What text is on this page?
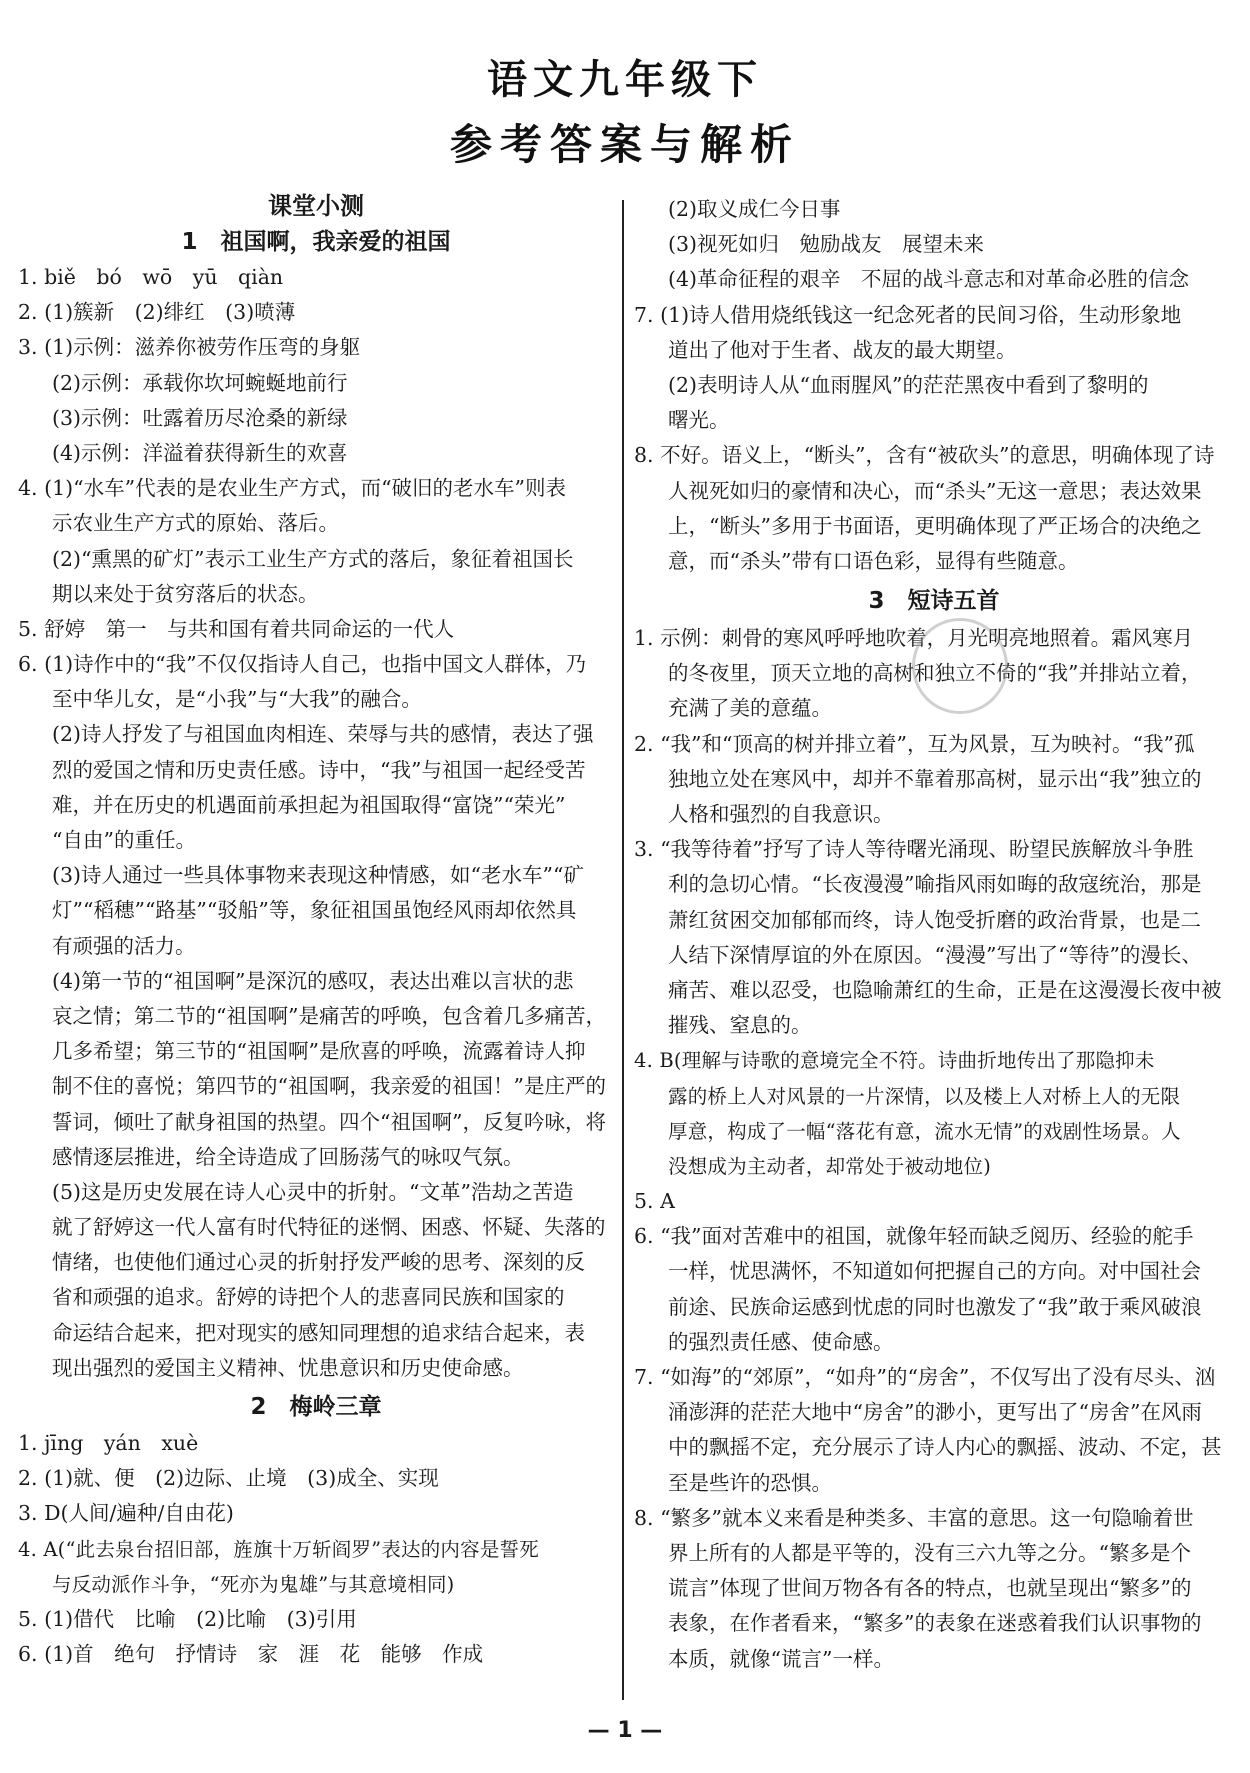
语文九年级下
参考答案与解析
课堂小测
1　祖国啊，我亲爱的祖国
1. biě　bó　wō　yū　qiàn
2. (1)簇新　(2)绯红　(3)喷薄
3. (1)示例：滋养你被劳作压弯的身躯
(2)示例：承载你坎坷蜿蜒地前行
(3)示例：吐露着历尽沧桑的新绿
(4)示例：洋溢着获得新生的欢喜
4. (1)“水车”代表的是农业生产方式，而“破旧的老水车”则表
示农业生产方式的原始、落后。
(2)“熏黑的矿灯”表示工业生产方式的落后，象征着祖国长
期以来处于贫穷落后的状态。
5. 舒婷　第一　与共和国有着共同命运的一代人
6. (1)诗作中的“我”不仅仅指诗人自己，也指中国文人群体，乃
至中华儿女，是“小我”与“大我”的融合。
(2)诗人抒发了与祖国血肉相连、荣辱与共的感情，表达了强
烈的爱国之情和历史责任感。诗中，“我”与祖国一起经受苦
难，并在历史的机遇面前承担起为祖国取得“富饶”“荣光”
“自由”的重任。
(3)诗人通过一些具体事物来表现这种情感，如“老水车”“矿
灯”“稻穗”“路基”“驳船”等，象征祖国虽饱经风雨却依然具
有顽强的活力。
(4)第一节的“祖国啊”是深沉的感叹，表达出难以言状的悲
哀之情；第二节的“祖国啊”是痛苦的呼唤，包含着几多痛苦，
几多希望；第三节的“祖国啊”是欣喜的呼唤，流露着诗人抑
制不住的喜悦；第四节的“祖国啊，我亲爱的祖国！”是庄严的
誓词，倾吐了献身祖国的热望。四个“祖国啊”，反复吟咏，将
感情逐层推进，给全诗造成了回肠荡气的咏叹气氛。
(5)这是历史发展在诗人心灵中的折射。“文革”浩劫之苦造
就了舒婷这一代人富有时代特征的迷惘、困惑、怀疑、失落的
情绪，也使他们通过心灵的折射抒发严峻的思考、深刻的反
省和顽强的追求。舒婷的诗把个人的悲喜同民族和国家的
命运结合起来，把对现实的感知同理想的追求结合起来，表
现出强烈的爱国主义精神、忧患意识和历史使命感。
2　梅岭三章
1. jīng　yán　xuè
2. (1)就、便　(2)边际、止境　(3)成全、实现
3. D(人间/遍种/自由花)
4. A(“此去泉台招旧部，旌旗十万斩阎罗”表达的内容是誓死
与反动派作斗争，“死亦为鬼雄”与其意境相同)
5. (1)借代　比喻　(2)比喻　(3)引用
6. (1)首　绝句　抒情诗　家　涯　花　能够　作成
(2)取义成仁今日事
(3)视死如归　勉励战友　展望未来
(4)革命征程的艰辛　不屈的战斗意志和对革命必胜的信念
7. (1)诗人借用烧纸钱这一纪念死者的民间习俗，生动形象地
道出了他对于生者、战友的最大期望。
(2)表明诗人从“血雨腥风”的茫茫黑夜中看到了黎明的
曙光。
8. 不好。语义上，“断头”，含有“被砍头”的意思，明确体现了诗
人视死如归的豪情和决心，而“杀头”无这一意思；表达效果
上，“断头”多用于书面语，更明确体现了严正场合的决绝之
意，而“杀头”带有口语色彩，显得有些随意。
3　短诗五首
1. 示例：刺骨的寒风呼呼地吹着，月光明亮地照着。霜风寒月
的冬夜里，顶天立地的高树和独立不倚的“我”并排站立着，
充满了美的意蕴。
2. “我”和“顶高的树并排立着”，互为风景，互为映衬。“我”孤
独地立处在寒风中，却并不靠着那高树，显示出“我”独立的
人格和强烈的自我意识。
3. “我等待着”抒写了诗人等待曙光涌现、盼望民族解放斗争胜
利的急切心情。“长夜漫漫”喻指风雨如晦的敌寇统治，那是
萧红贫困交加郁郁而终，诗人饱受折磨的政治背景，也是二
人结下深情厚谊的外在原因。“漫漫”写出了“等待”的漫长、
痛苦、难以忍受，也隐喻萧红的生命，正是在这漫漫长夜中被
摧残、窒息的。
4. B(理解与诗歌的意境完全不符。诗曲折地传出了那隐抑未
露的桥上人对风景的一片深情，以及楼上人对桥上人的无限
厚意，构成了一幅“落花有意，流水无情”的戏剧性场景。人
没想成为主动者，却常处于被动地位)
5. A
6. “我”面对苦难中的祖国，就像年轻而缺乏阅历、经验的舵手
一样，忧思满怀，不知道如何把握自己的方向。对中国社会
前途、民族命运感到忧虑的同时也激发了“我”敢于乘风破浪
的强烈责任感、使命感。
7. “如海”的“郊原”，“如舟”的“房舍”，不仅写出了没有尽头、汹
涌澎湃的茫茫大地中“房舍”的渺小，更写出了“房舍”在风雨
中的飘摇不定，充分展示了诗人内心的飘摇、波动、不定，甚
至是些许的恐惧。
8. “繁多”就本义来看是种类多、丰富的意思。这一句隐喻着世
界上所有的人都是平等的，没有三六九等之分。“繁多是个
谎言”体现了世间万物各有各的特点，也就呈现出“繁多”的
表象，在作者看来，“繁多”的表象在迷惑着我们认识事物的
本质，就像“谎言”一样。
— 1 —
